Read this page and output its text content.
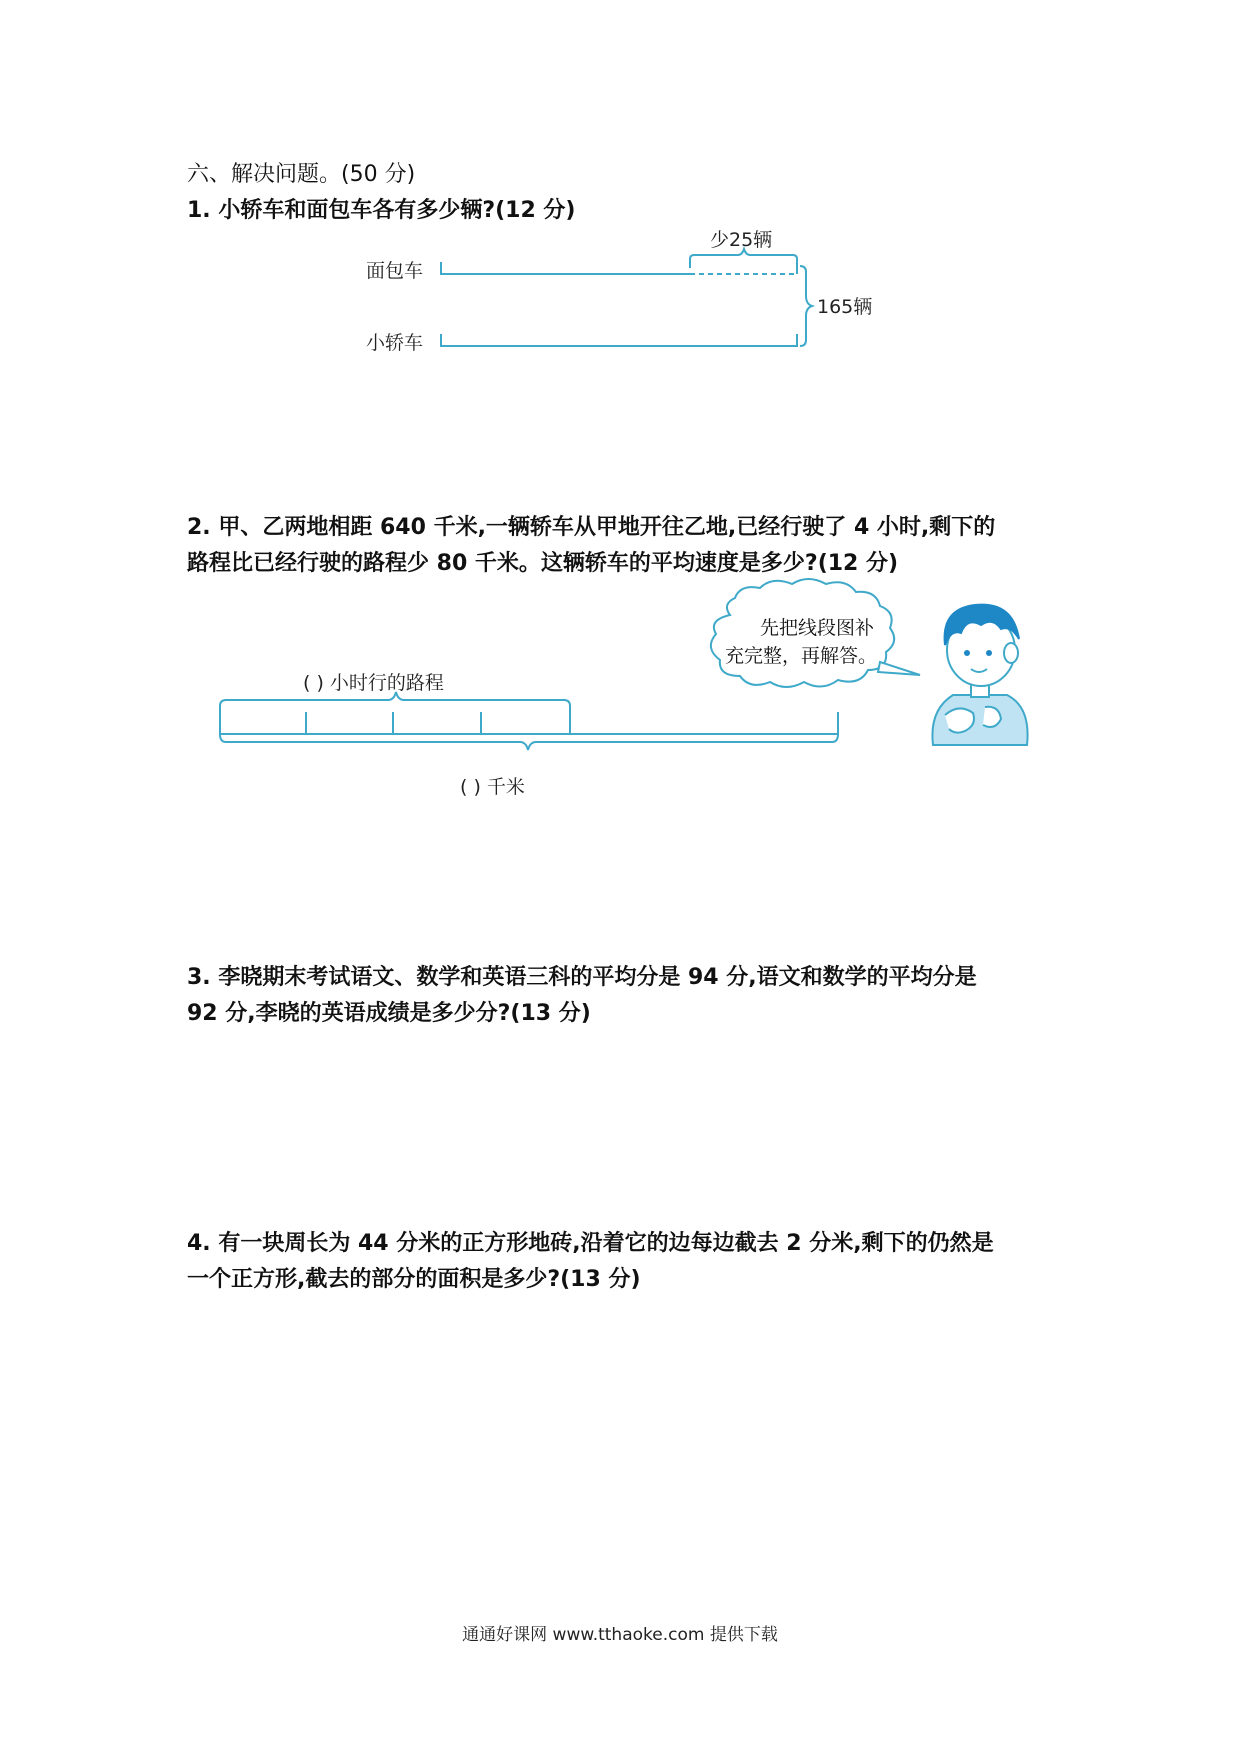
六、解决问题。(50 分)
1. 小轿车和面包车各有多少辆?(12 分)
面包车
小轿车
少25辆
165辆
2. 甲、乙两地相距 640 千米,一辆轿车从甲地开往乙地,已经行驶了 4 小时,剩下的
路程比已经行驶的路程少 80 千米。这辆轿车的平均速度是多少?(12 分)
( ) 小时行的路程
( ) 千米
先把线段图补
充完整，再解答。
3. 李晓期末考试语文、数学和英语三科的平均分是 94 分,语文和数学的平均分是
92 分,李晓的英语成绩是多少分?(13 分)
4. 有一块周长为 44 分米的正方形地砖,沿着它的边每边截去 2 分米,剩下的仍然是
一个正方形,截去的部分的面积是多少?(13 分)
通通好课网 www.tthaoke.com 提供下载
